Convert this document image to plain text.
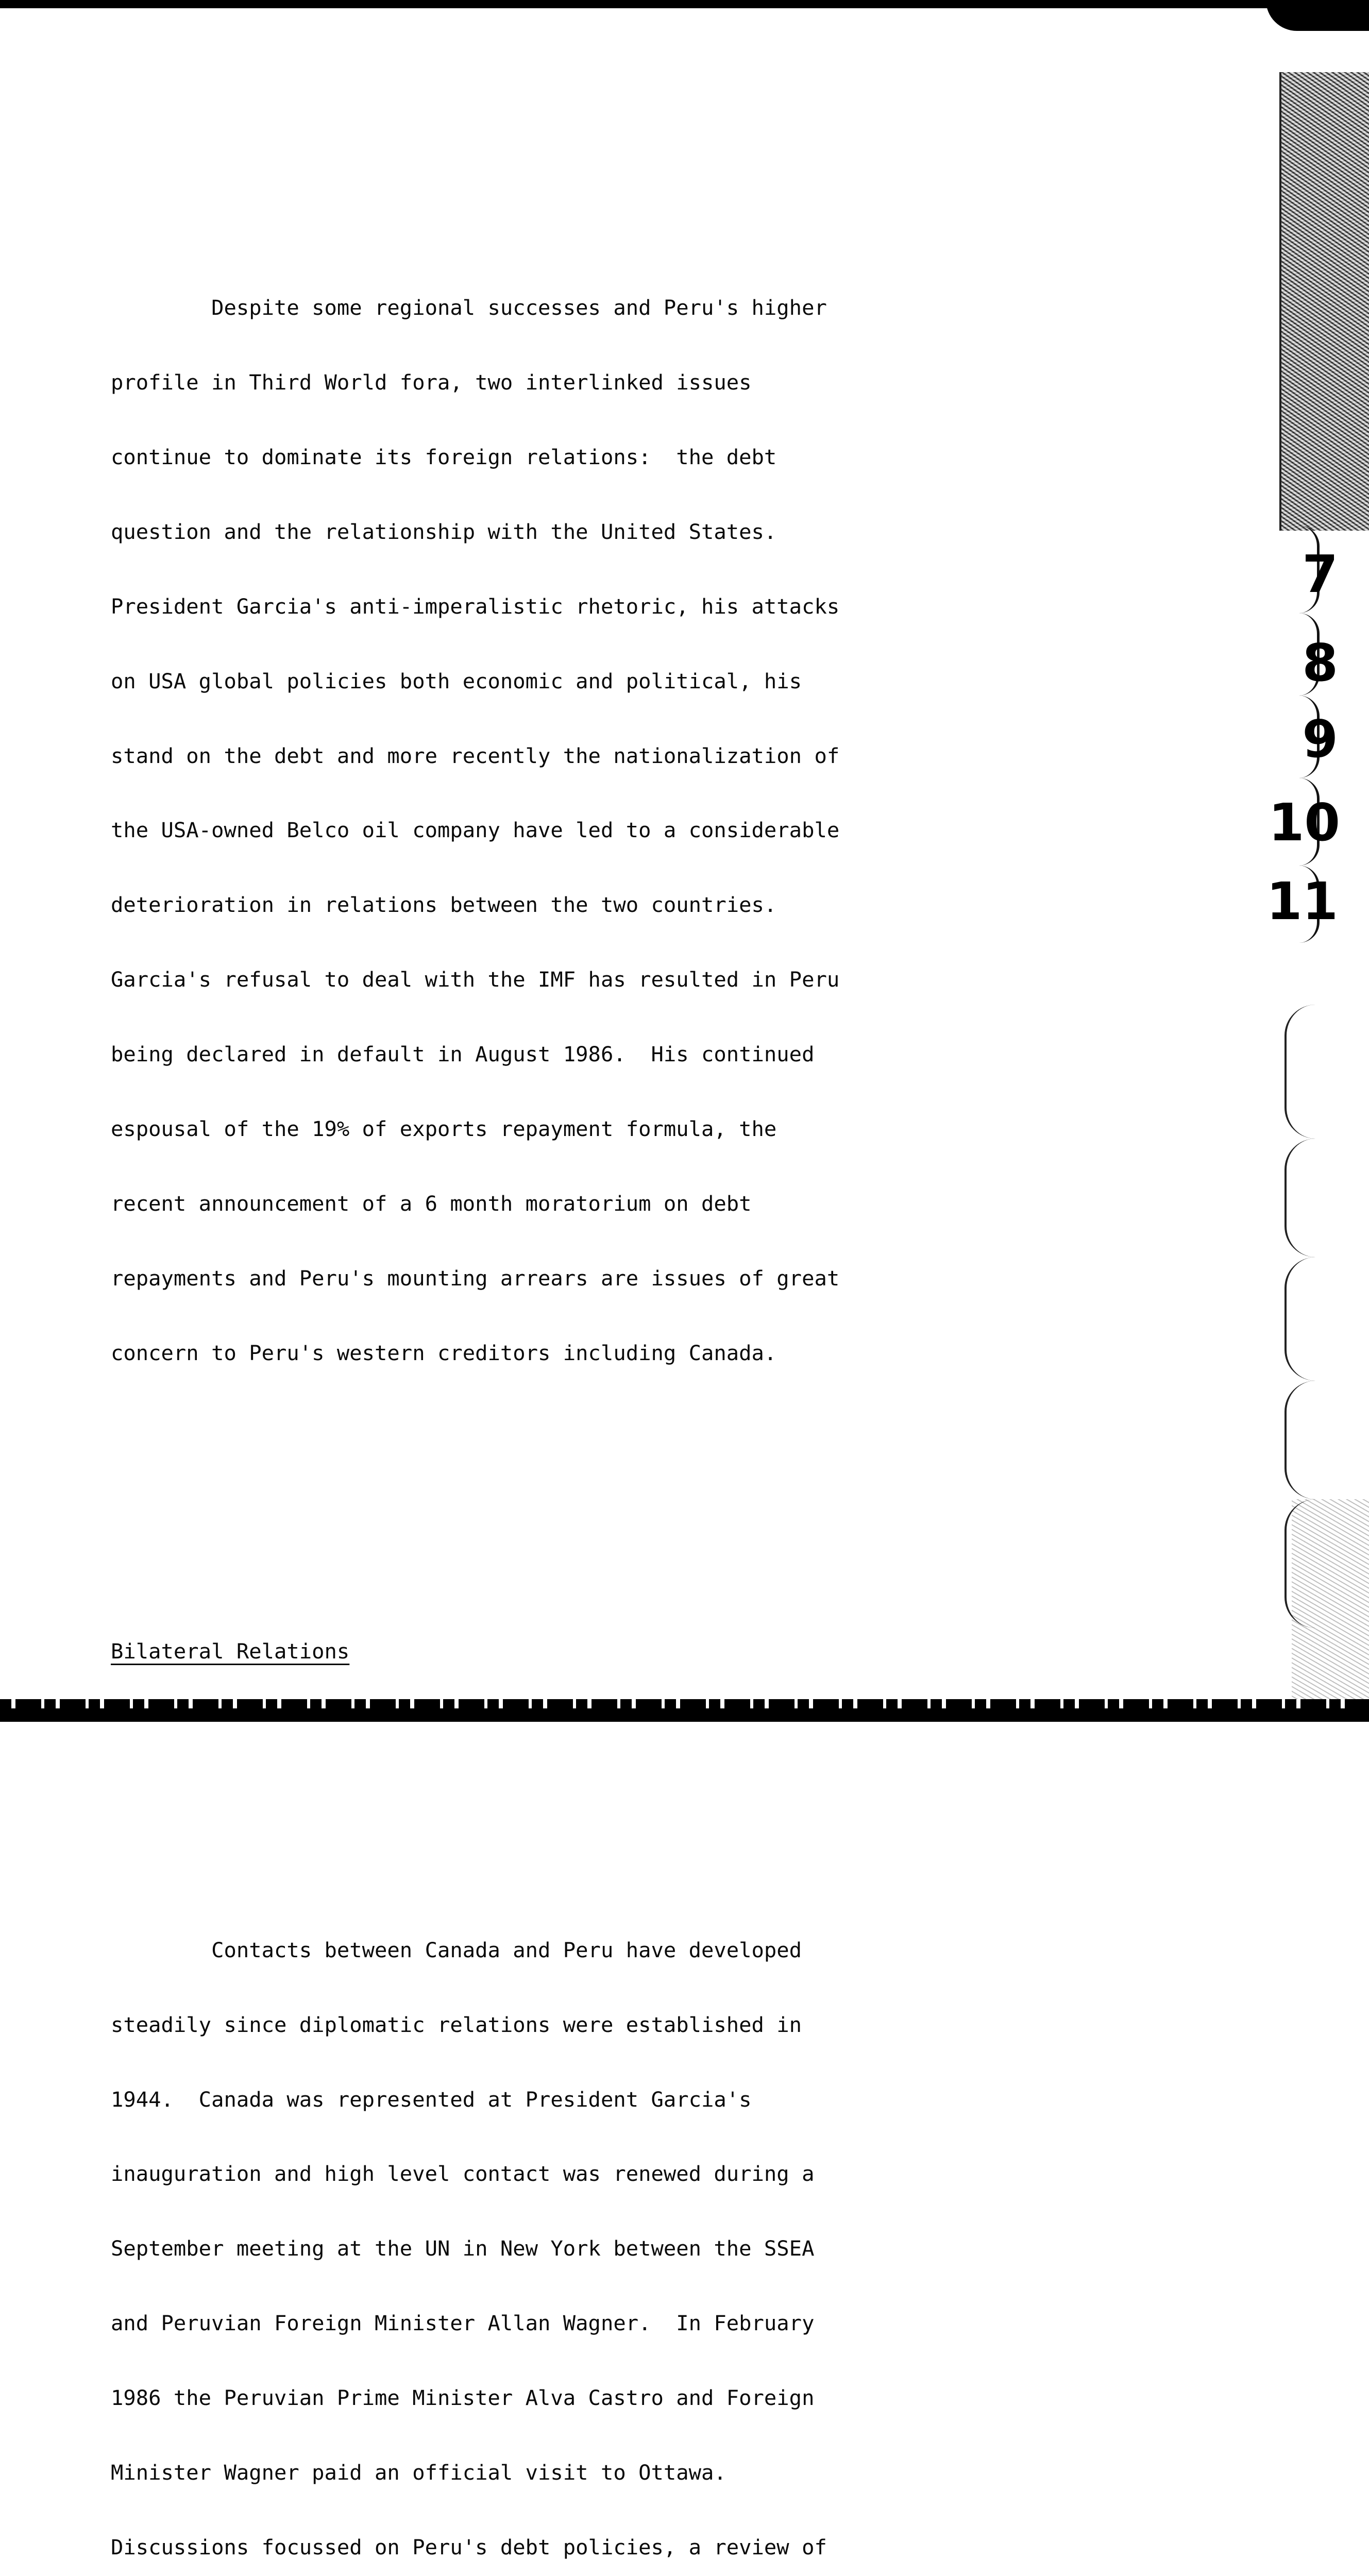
7
8
9
10
11

Despite some regional successes and Peru's higher

profile in Third World fora, two interlinked issues

continue to dominate its foreign relations:  the debt

question and the relationship with the United States.

President Garcia's anti-imperalistic rhetoric, his attacks

on USA global policies both economic and political, his

stand on the debt and more recently the nationalization of

the USA-owned Belco oil company have led to a considerable

deterioration in relations between the two countries.

Garcia's refusal to deal with the IMF has resulted in Peru

being declared in default in August 1986.  His continued

espousal of the 19% of exports repayment formula, the

recent announcement of a 6 month moratorium on debt

repayments and Peru's mounting arrears are issues of great

concern to Peru's western creditors including Canada.

Bilateral Relations

Contacts between Canada and Peru have developed

steadily since diplomatic relations were established in

1944.  Canada was represented at President Garcia's

inauguration and high level contact was renewed during a

September meeting at the UN in New York between the SSEA

and Peruvian Foreign Minister Allan Wagner.  In February

1986 the Peruvian Prime Minister Alva Castro and Foreign

Minister Wagner paid an official visit to Ottawa.

Discussions focussed on Peru's debt policies, a review of
